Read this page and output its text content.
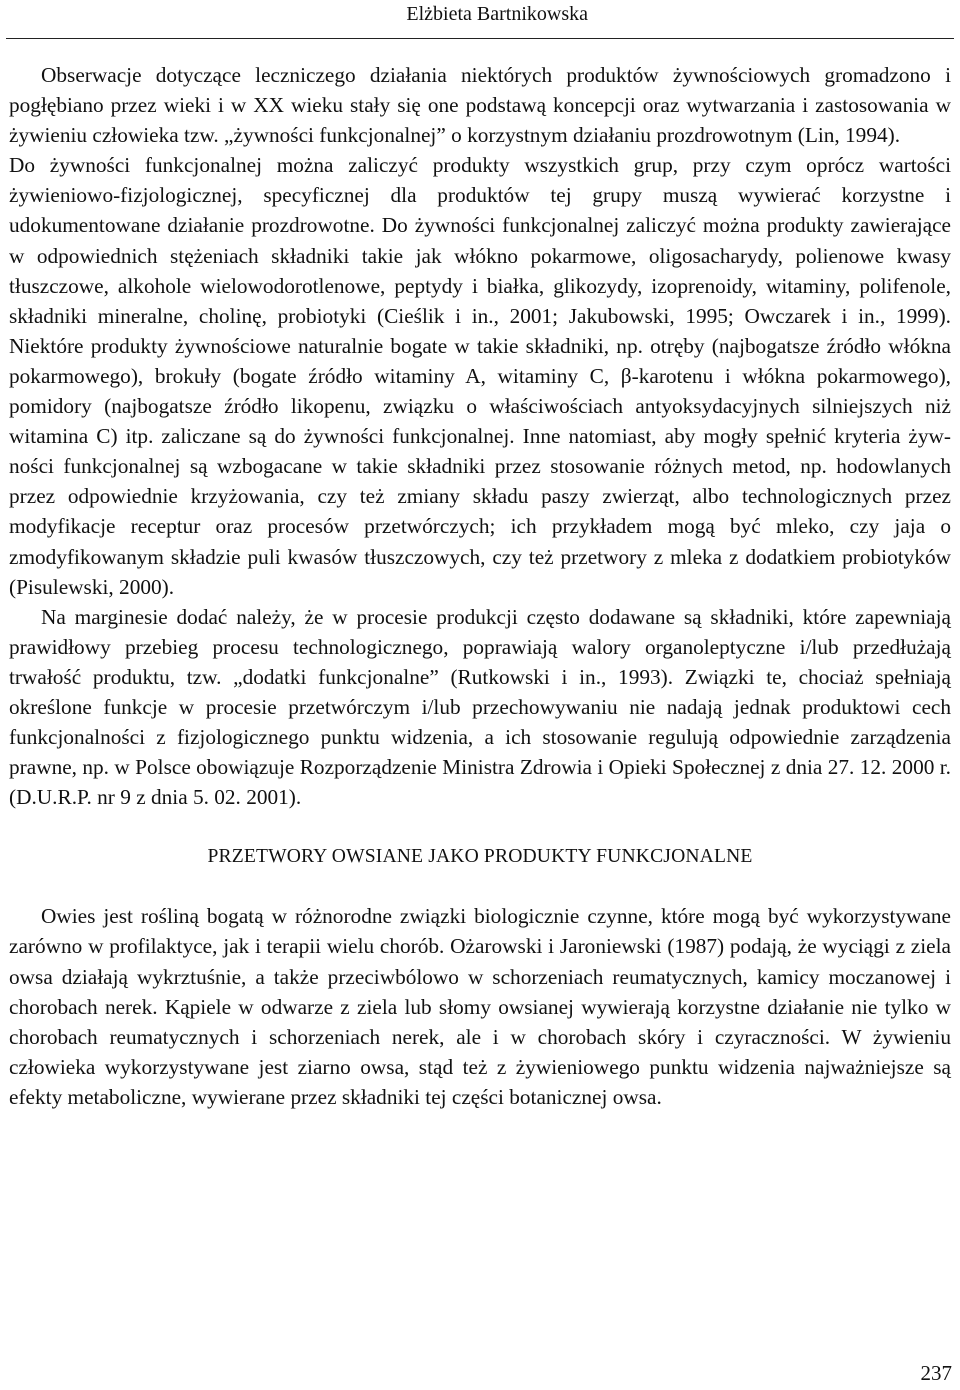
Elżbieta Bartnikowska

Obserwacje dotyczące leczniczego działania niektórych produktów żywnościowych gromadzono i pogłębiano przez wieki i w XX wieku stały się one podstawą koncepcji oraz wytwarzania i zastosowania w żywieniu człowieka tzw. „żywności funkcjonalnej” o korzystnym działaniu prozdrowotnym (Lin, 1994).
Do żywności funkcjonalnej można zaliczyć produkty wszystkich grup, przy czym oprócz wartości żywieniowo-fizjologicznej, specyficznej dla produktów tej grupy muszą wywierać korzystne i udokumentowane działanie prozdrowotne. Do żywności funkcjonalnej zaliczyć można produkty zawierające w odpowiednich stężeniach składniki takie jak włókno pokarmowe, oligosacharydy, polienowe kwasy tłuszczowe, alkohole wielowodorotlenowe, peptydy i białka, glikozydy, izoprenoidy, witaminy, polifenole, składniki mineralne, cholinę, probiotyki (Cieślik i in., 2001; Jakubowski, 1995; Owczarek i in., 1999). Niektóre produkty żywnościowe naturalnie bogate w takie składniki, np. otręby (najbogatsze źródło włókna pokarmowego), brokuły (bogate źródło witaminy A, witaminy C, β-karotenu i włókna pokarmowego), pomidory (najbogatsze źródło likopenu, związku o właściwościach antyoksydacyjnych silniejszych niż witamina C) itp. zaliczane są do żywności funkcjonalnej. Inne natomiast, aby mogły spełnić kryteria żywności funkcjonalnej są wzbogacane w takie składniki przez stosowanie różnych metod, np. hodowlanych przez odpowiednie krzyżowania, czy też zmiany składu paszy zwierząt, albo technologicznych przez modyfikacje receptur oraz procesów przetwórczych; ich przykładem mogą być mleko, czy jaja o zmodyfikowanym składzie puli kwasów tłuszczowych, czy też przetwory z mleka z dodatkiem probiotyków (Pisulewski, 2000).

Na marginesie dodać należy, że w procesie produkcji często dodawane są składniki, które zapewniają prawidłowy przebieg procesu technologicznego, poprawiają walory organoleptyczne i/lub przedłużają trwałość produktu, tzw. „dodatki funkcjonalne” (Rutkowski i in., 1993). Związki te, chociaż spełniają określone funkcje w procesie przetwórczym i/lub przechowywaniu nie nadają jednak produktowi cech funkcjonalności z fizjologicznego punktu widzenia, a ich stosowanie regulują odpowiednie zarządzenia prawne, np. w Polsce obowiązuje Rozporządzenie Ministra Zdrowia i Opieki Społecznej z dnia 27. 12. 2000 r. (D.U.R.P. nr 9 z dnia 5. 02. 2001).

PRZETWORY OWSIANE JAKO PRODUKTY FUNKCJONALNE

Owies jest rośliną bogatą w różnorodne związki biologicznie czynne, które mogą być wykorzystywane zarówno w profilaktyce, jak i terapii wielu chorób. Ożarowski i Jaroniewski (1987) podają, że wyciągi z ziela owsa działają wykrztuśnie, a także przeciwbólowo w schorzeniach reumatycznych, kamicy moczanowej i chorobach nerek. Kąpiele w odwarze z ziela lub słomy owsianej wywierają korzystne działanie nie tylko w chorobach reumatycznych i schorzeniach nerek, ale i w chorobach skóry i czyraczności. W żywieniu człowieka wykorzystywane jest ziarno owsa, stąd też z żywieniowego punktu widzenia najważniejsze są efekty metaboliczne, wywierane przez składniki tej części botanicznej owsa.

237
